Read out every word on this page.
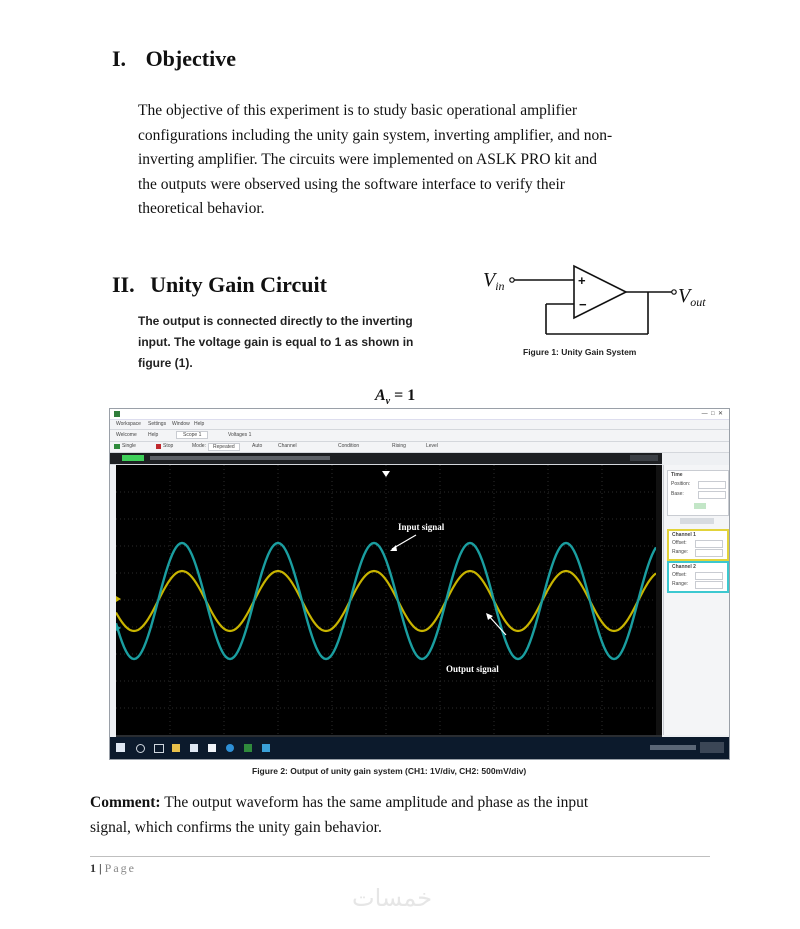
I. Objective
The objective of this experiment is to study basic operational amplifier
configurations including the unity gain system, inverting amplifier, and non-
inverting amplifier. The circuits were implemented on ASLK PRO kit and
the outputs were observed using the software interface to verify their
theoretical behavior.
II. Unity Gain Circuit
The output is connected directly to the inverting
input. The voltage gain is equal to 1 as shown in
figure (1).
$V_{in}$	$V_{out}$
+
−
Figure 1: Unity Gain System
$A_v = 1$
—  □  ✕
Workspace Settings Window Help
Welcome Help	Scope 1	Voltages 1
Single	Stop	Mode:	Repeated	Auto	Channel	Condition	Rising	Level
Input signal
Output signal
Time
Position:
Base:
Channel 1
Offset:
Range:
Channel 2
Offset:
Range:
Figure 2: Output of unity gain system (CH1: 1V/div, CH2: 500mV/div)
Comment: The output waveform has the same amplitude and phase as the input
signal, which confirms the unity gain behavior.
1 | Page
خمسات
